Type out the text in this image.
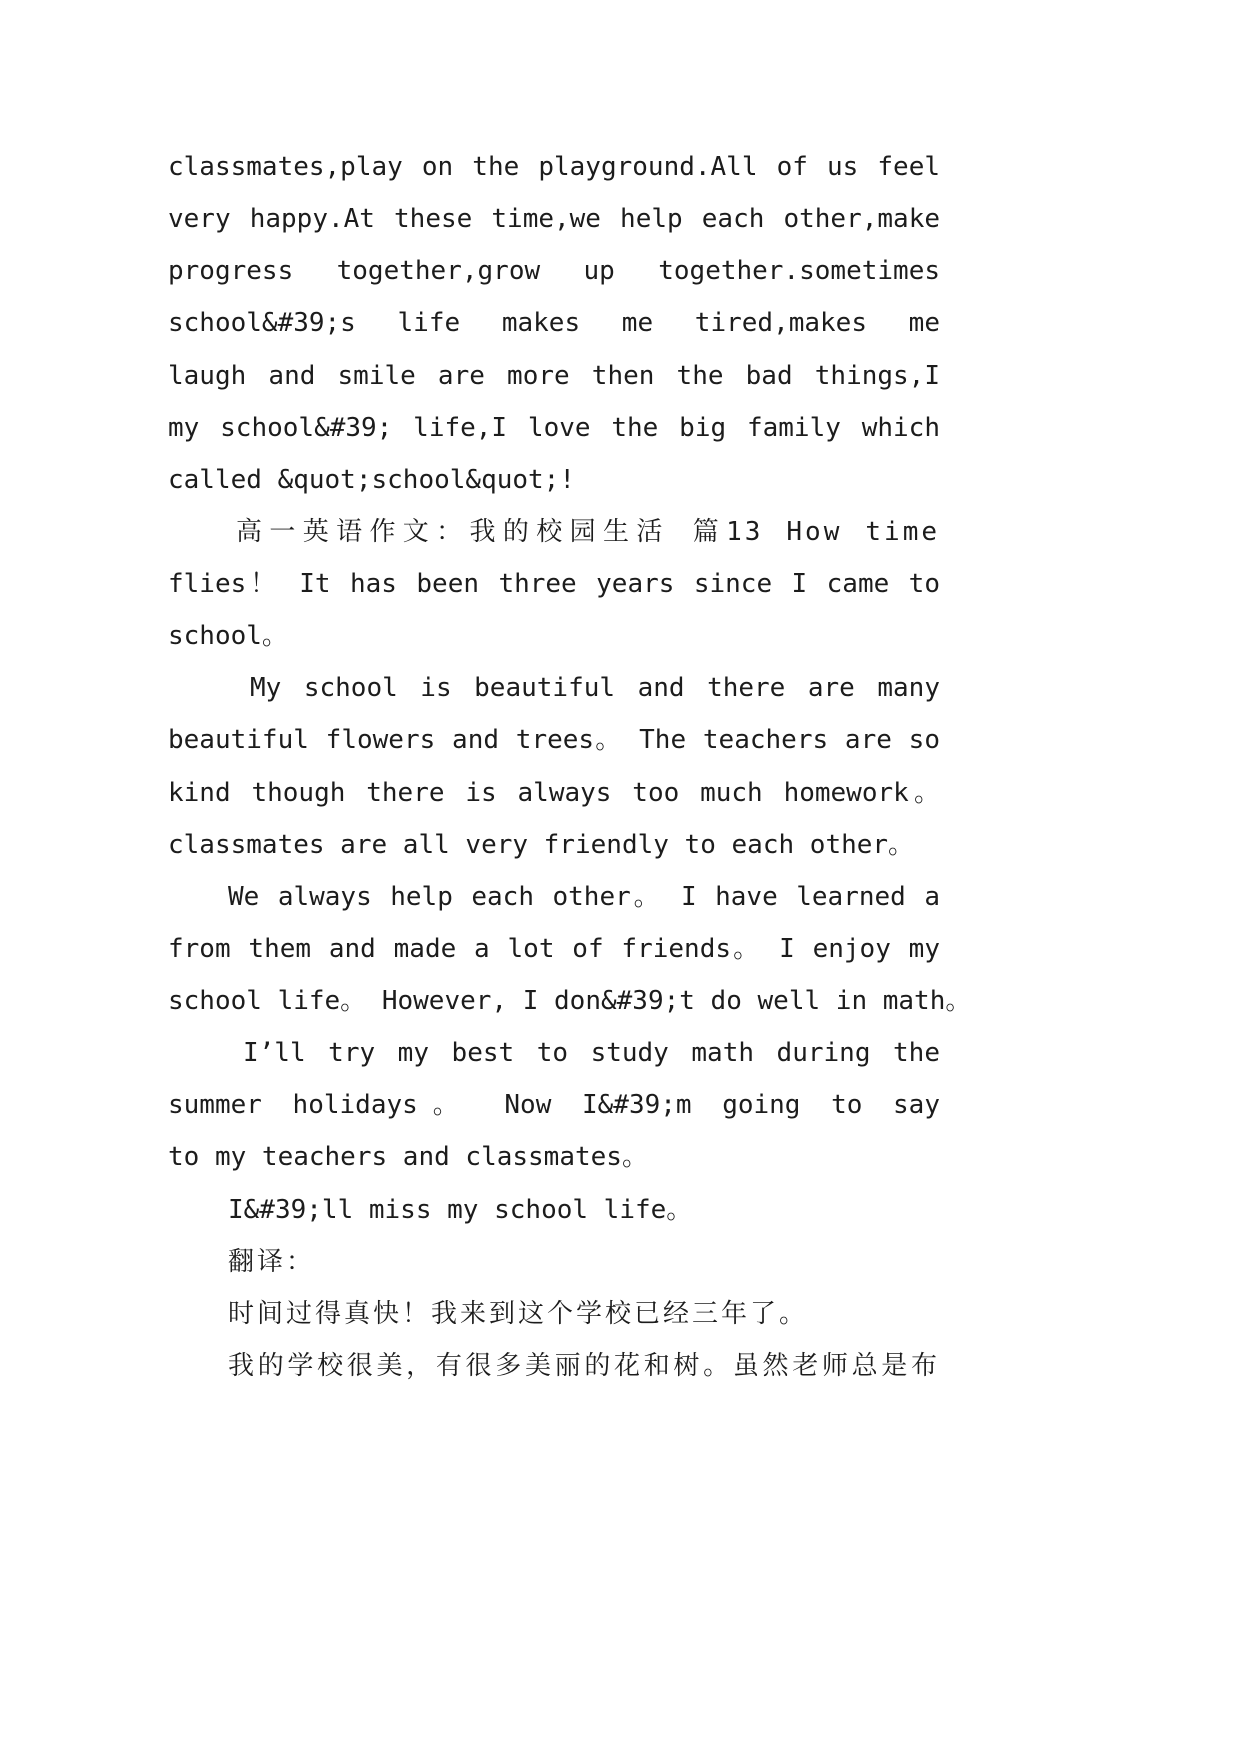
classmates,play on the playground.All of us feel
very happy.At these time,we help each other,make
progress together,grow up together.sometimes
school&#39;s life makes me tired,makes me
laugh and smile are more then the bad things,I
my school&#39; life,I love the big family which
called &quot;school&quot;!
高一英语作文：我的校园生活 篇13 How time
flies！ It has been three years since I came to
school。
My school is beautiful and there are many
beautiful flowers and trees。 The teachers are so
kind though there is always too much homework。
classmates are all very friendly to each other。
We always help each other。 I have learned a
from them and made a lot of friends。 I enjoy my
school life。 However, I don&#39;t do well in math。
I’ll try my best to study math during the
summer holidays。 Now I&#39;m going to say
to my teachers and classmates。
I&#39;ll miss my school life。
翻译：
时间过得真快！我来到这个学校已经三年了。
我的学校很美，有很多美丽的花和树。虽然老师总是布
